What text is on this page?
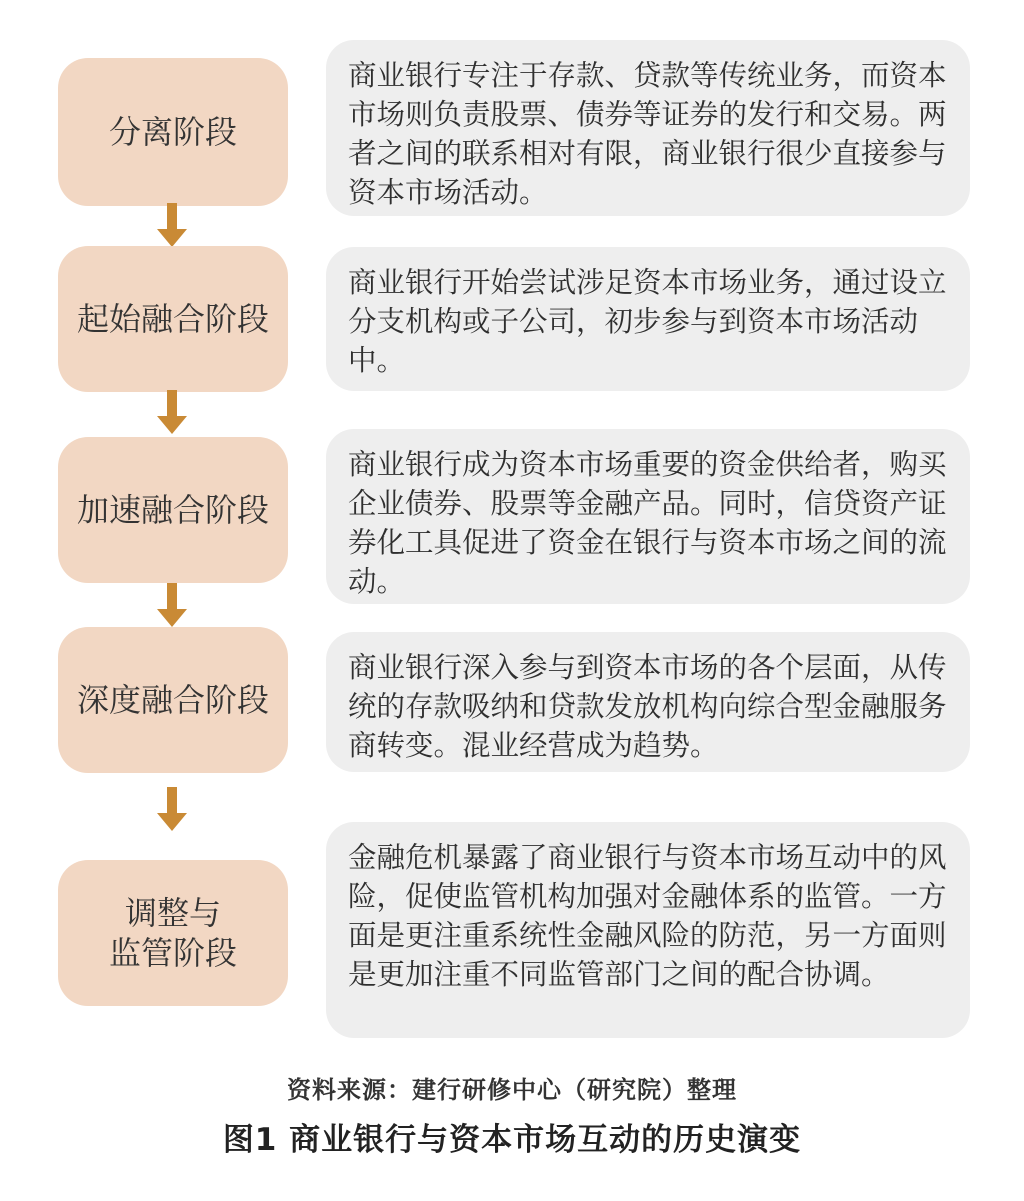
分离阶段
商业银行专注于存款、贷款等传统业务，而资本市场则负责股票、债券等证券的发行和交易。两者之间的联系相对有限，商业银行很少直接参与资本市场活动。
起始融合阶段
商业银行开始尝试涉足资本市场业务，通过设立分支机构或子公司，初步参与到资本市场活动中。
加速融合阶段
商业银行成为资本市场重要的资金供给者，购买企业债券、股票等金融产品。同时，信贷资产证券化工具促进了资金在银行与资本市场之间的流动。
深度融合阶段
商业银行深入参与到资本市场的各个层面，从传统的存款吸纳和贷款发放机构向综合型金融服务商转变。混业经营成为趋势。
调整与
监管阶段
金融危机暴露了商业银行与资本市场互动中的风险，促使监管机构加强对金融体系的监管。一方面是更注重系统性金融风险的防范，另一方面则是更加注重不同监管部门之间的配合协调。
资料来源：建行研修中心（研究院）整理
图1 商业银行与资本市场互动的历史演变
